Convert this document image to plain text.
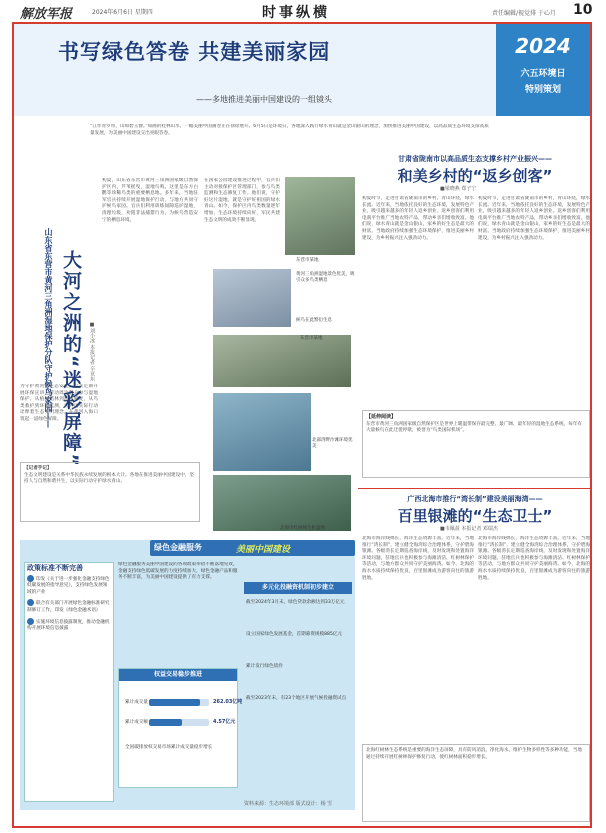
解放军报	2024年6月6日 星期四	时事纵横	责任编辑/视觉排 于心月 10
书写绿色答卷 共建美丽家园
——多地推进美丽中国建设的一组镜头
2024
六五环境日
特别策划
“江作青罗带，山如碧玉簪。”如画的桂林山水，一幅美丽中国画卷正在徐徐展开。6月5日是环境日，各地深入践行绿水青山就是金山银山的理念，加快推进美丽中国建设，以高品质生态环境支撑高质量发展，为美丽中国建设交出亮眼答卷。
山东省东营市黄河三角洲湿地保护分队守护候鸟家园—— 大河之洲的“迷彩屏障”	■刘小冰 本报记者 辛亚东
初夏，山东省东营市黄河三角洲国家级自然保护区内，芦苇摇曳，湿地鸟鸣。这里是东方白鹳等珍稀鸟类的重要栖息地。多年来，当地驻军官兵持续开展湿地保护行动，与地方共同守护候鸟家园。官兵们利用训练间隙巡护湿地，清理垃圾，劝阻非法捕猎行为，为候鸟营造安宁的栖息环境。
为守护黄河口生态安全，官兵定期开展环保宣讲，带动周边群众参与湿地保护。从植树造林到湿地修复，从鸟类救护到环境监测，官兵用实际行动诠释着生态文明理念，在黄河入海口筑起一道绿色屏障。
在国家公园建设推进过程中，官兵们主动对接保护区管理部门，参与鸟类监测和生态修复工作。他们说，守护好这片湿地，就是守护好祖国的绿水青山。如今，保护区内鸟类数量逐年增加，生态环境持续向好，军民共建生态文明的成效不断显现。
东营市某地
黄河三角洲湿地景色优美，吸引众多鸟类栖息
候鸟在此繁衍生息
东营市某地
北部湾畔沙滩环境优美
北海市红树林生机盎然
【记者手记】
生态文明建设是关系中华民族永续发展的根本大计。各地在推进美丽中国建设中，坚持人与自然和谐共生，以实际行动守护绿水青山。
甘肃省陇南市以高品质生态支撑乡村产业振兴——
和美乡村的“返乡创客”
■梁晓燕 郑子宁
初夏时节，走进甘肃省陇南市的乡村，青山环绕，绿水长流。近年来，当地依托良好的生态环境，发展特色产业，吸引越来越多的年轻人返乡创业。返乡创客们利用电商平台推广当地农特产品，带动乡亲们增收致富。他们说，绿水青山就是金山银山，家乡的好生态是最大的财富。当地政府持续加强生态环境保护，推进美丽乡村建设，为乡村振兴注入强劲动力。
初夏时节，走进甘肃省陇南市的乡村，青山环绕，绿水长流。近年来，当地依托良好的生态环境，发展特色产业，吸引越来越多的年轻人返乡创业。返乡创客们利用电商平台推广当地农特产品，带动乡亲们增收致富。他们说，绿水青山就是金山银山，家乡的好生态是最大的财富。当地政府持续加强生态环境保护，推进美丽乡村建设，为乡村振兴注入强劲动力。
【延伸阅读】
东营市黄河三角洲国家级自然保护区是世界上暖温带保存最完整、最广阔、最年轻的湿地生态系统，每年有大量候鸟在此迁徙停歇，被誉为“鸟类国际机场”。
广西北海市推行“湾长制”建设美丽海湾——
百里银滩的“生态卫士”
■韦佩盈 本报记者 邓瑞杰
北海市海岸线绵长，海洋生态资源丰富。近年来，当地推行“湾长制”，建立健全海湾综合治理体系，守护碧海银滩。各级湾长定期巡查海岸线，及时发现和处置海洋环境问题。驻地官兵也积极参与海滩清洁、红树林保护等活动，与地方群众共同守护美丽海湾。如今，北海的海水水质持续保持优良，百里银滩成为游客向往的旅游胜地。
北海市海岸线绵长，海洋生态资源丰富。近年来，当地推行“湾长制”，建立健全海湾综合治理体系，守护碧海银滩。各级湾长定期巡查海岸线，及时发现和处置海洋环境问题。驻地官兵也积极参与海滩清洁、红树林保护等活动，与地方群众共同守护美丽海湾。如今，北海的海水水质持续保持优良，百里银滩成为游客向往的旅游胜地。
北海红树林生态系统是重要的海洋生态屏障，具有防风消浪、净化海水、维护生物多样性等多种功能，当地通过持续开展红树林保护修复行动，使红树林面积稳步增长。
绿色金融服务	美丽中国建设
政策标准不断完善

印发《关于进一步强化金融支持绿色低碳发展的指导意见》，支持绿色发展领域的产业

联合有关部门开展绿色金融标准研究制修订工作，印发《绿色金融术语》

实施环境信息披露制度，推动金融机构开展环境信息披露

绿色金融服务美丽中国建设的各项政策举措不断落地见效，金融支持绿色低碳发展的力度持续加大，绿色金融产品和服务不断丰富，为美丽中国建设提供了有力支撑。
权益交易稳步推进
累计成交量	262.03亿吨
累计成交额	4.57亿元
全国碳排放权交易市场累计成交量稳步增长
多元化投融资机制初步建立
截至2024年3月末，绿色贷款余额达到33万亿元
设立国家绿色发展基金，首期募资规模885亿元
累计发行绿色债券
截至2023年末，有23个地区开展气候投融资试点
资料来源：生态环境部 版式设计：杨 雪
